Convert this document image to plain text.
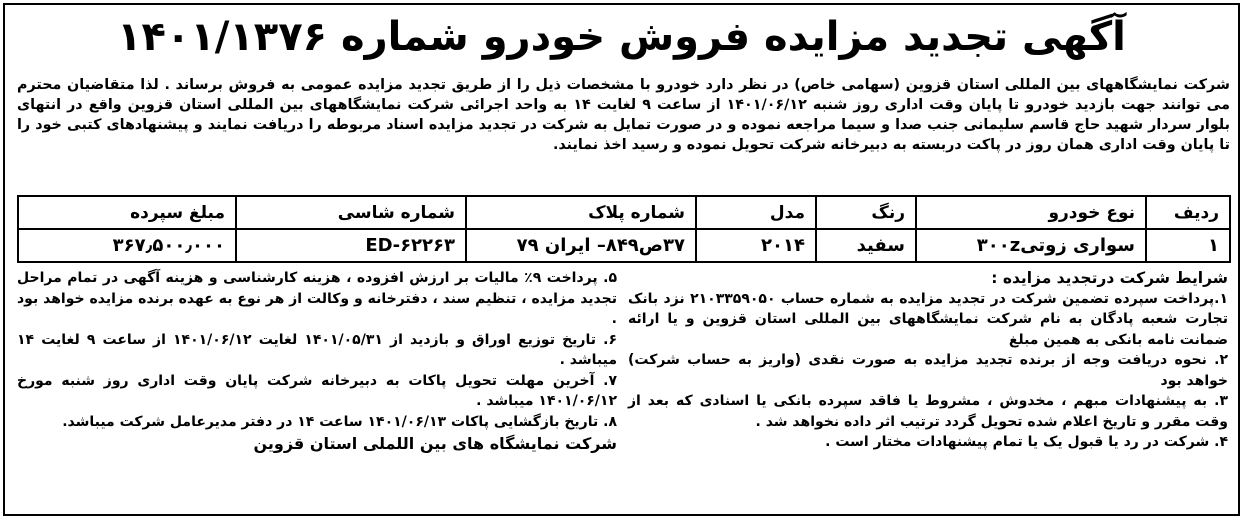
آگهی تجدید مزایده فروش خودرو شماره ۱۴۰۱/۱۳۷۶
شرکت نمایشگاههای بین المللی استان قزوین (سهامی خاص) در نظر دارد خودرو با مشخصات ذیل را از طریق تجدید مزایده عمومی به فروش برساند . لذا متقاضیان محترم می توانند جهت بازدید خودرو تا پایان وقت اداری روز شنبه ۱۴۰۱/۰۶/۱۲ از ساعت ۹ لغایت ۱۴ به واحد اجرائی شرکت نمایشگاههای بین المللی استان قزوین واقع در انتهای بلوار سردار شهید حاج قاسم سلیمانی جنب صدا و سیما مراجعه نموده و در صورت تمایل به شرکت در تجدید مزایده اسناد مربوطه را دریافت نمایند و پیشنهادهای کتبی خود را تا پایان وقت اداری همان روز در پاکت دربسته به دبیرخانه شرکت تحویل نموده و رسید اخذ نمایند.
ردیف	نوع خودرو	رنگ	مدل	شماره پلاک	شماره شاسی	مبلغ سپرده
۱	سواری زوتی۳۰۰z	سفید	۲۰۱۴	۳۷ص۸۴۹– ایران ۷۹	۶۲۲۶۳-ED	۳۶۷٫۵۰۰٫۰۰۰
شرایط شرکت درتجدید مزایده :

۱.پرداخت سپرده تضمین شرکت در تجدید مزایده به شماره حساب ۲۱۰۳۳۵۹۰۵۰ نزد بانک تجارت شعبه پادگان به نام شرکت نمایشگاههای بین المللی استان قزوین و یا ارائه ضمانت نامه بانکی به همین مبلغ

۲. نحوه دریافت وجه از برنده تجدید مزایده به صورت نقدی (واریز به حساب شرکت) خواهد بود

۳. به پیشنهادات مبهم ، مخدوش ، مشروط یا فاقد سپرده بانکی یا اسنادی که بعد از وقت مقرر و تاریخ اعلام شده تحویل گردد ترتیب اثر داده نخواهد شد .

۴. شرکت در رد یا قبول یک یا تمام پیشنهادات مختار است .

۵. پرداخت ۹٪ مالیات بر ارزش افزوده ، هزینه کارشناسی و هزینه آگهی در تمام مراحل تجدید مزایده ، تنظیم سند ، دفترخانه و وکالت از هر نوع به عهده برنده مزایده خواهد بود .

۶. تاریخ توزیع اوراق و بازدید از ۱۴۰۱/۰۵/۳۱ لغایت ۱۴۰۱/۰۶/۱۲ از ساعت ۹ لغایت ۱۴ میباشد .

۷. آخرین مهلت تحویل پاکات به دبیرخانه شرکت پایان وقت اداری روز شنبه مورخ ۱۴۰۱/۰۶/۱۲ میباشد .

۸. تاریخ بازگشایی پاکات ۱۴۰۱/۰۶/۱۳ ساعت ۱۴ در دفتر مدیرعامل شرکت میباشد.

شرکت نمایشگاه های بین اللملی استان قزوین
